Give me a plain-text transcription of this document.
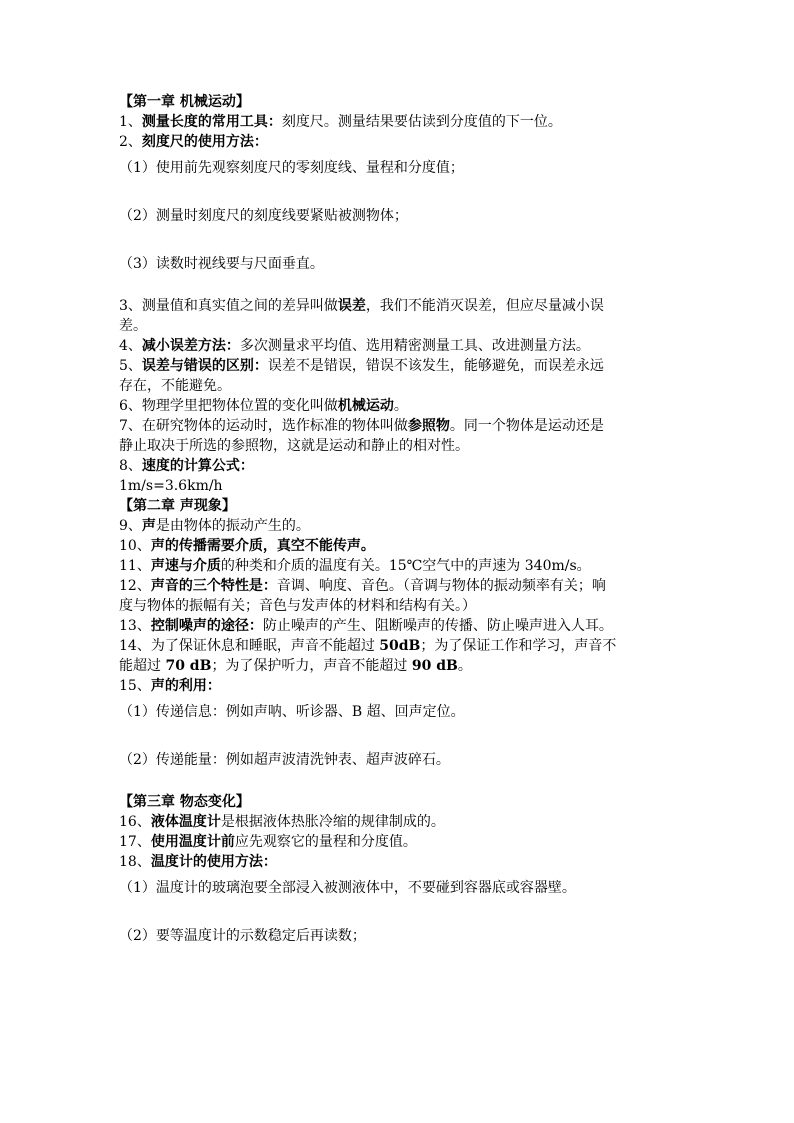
【第一章 机械运动】
1、测量长度的常用工具：刻度尺。测量结果要估读到分度值的下一位。
2、刻度尺的使用方法：
（1）使用前先观察刻度尺的零刻度线、量程和分度值；
（2）测量时刻度尺的刻度线要紧贴被测物体；
（3）读数时视线要与尺面垂直。
3、测量值和真实值之间的差异叫做误差，我们不能消灭误差，但应尽量减小误
差。
4、减小误差方法：多次测量求平均值、选用精密测量工具、改进测量方法。
5、误差与错误的区别：误差不是错误，错误不该发生，能够避免，而误差永远
存在，不能避免。
6、物理学里把物体位置的变化叫做机械运动。
7、在研究物体的运动时，选作标准的物体叫做参照物。同一个物体是运动还是
静止取决于所选的参照物，这就是运动和静止的相对性。
8、速度的计算公式：
1m/s=3.6km/h
【第二章 声现象】
9、声是由物体的振动产生的。
10、声的传播需要介质，真空不能传声。
11、声速与介质的种类和介质的温度有关。15℃空气中的声速为 340m/s。
12、声音的三个特性是：音调、响度、音色。（音调与物体的振动频率有关；响
度与物体的振幅有关；音色与发声体的材料和结构有关。）
13、控制噪声的途径：防止噪声的产生、阻断噪声的传播、防止噪声进入人耳。
14、为了保证休息和睡眠，声音不能超过 50dB；为了保证工作和学习，声音不
能超过 70 dB；为了保护听力，声音不能超过 90 dB。
15、声的利用：
（1）传递信息：例如声呐、听诊器、B 超、回声定位。
（2）传递能量：例如超声波清洗钟表、超声波碎石。
【第三章 物态变化】
16、液体温度计是根据液体热胀冷缩的规律制成的。
17、使用温度计前应先观察它的量程和分度值。
18、温度计的使用方法：
（1）温度计的玻璃泡要全部浸入被测液体中，不要碰到容器底或容器壁。
（2）要等温度计的示数稳定后再读数；
